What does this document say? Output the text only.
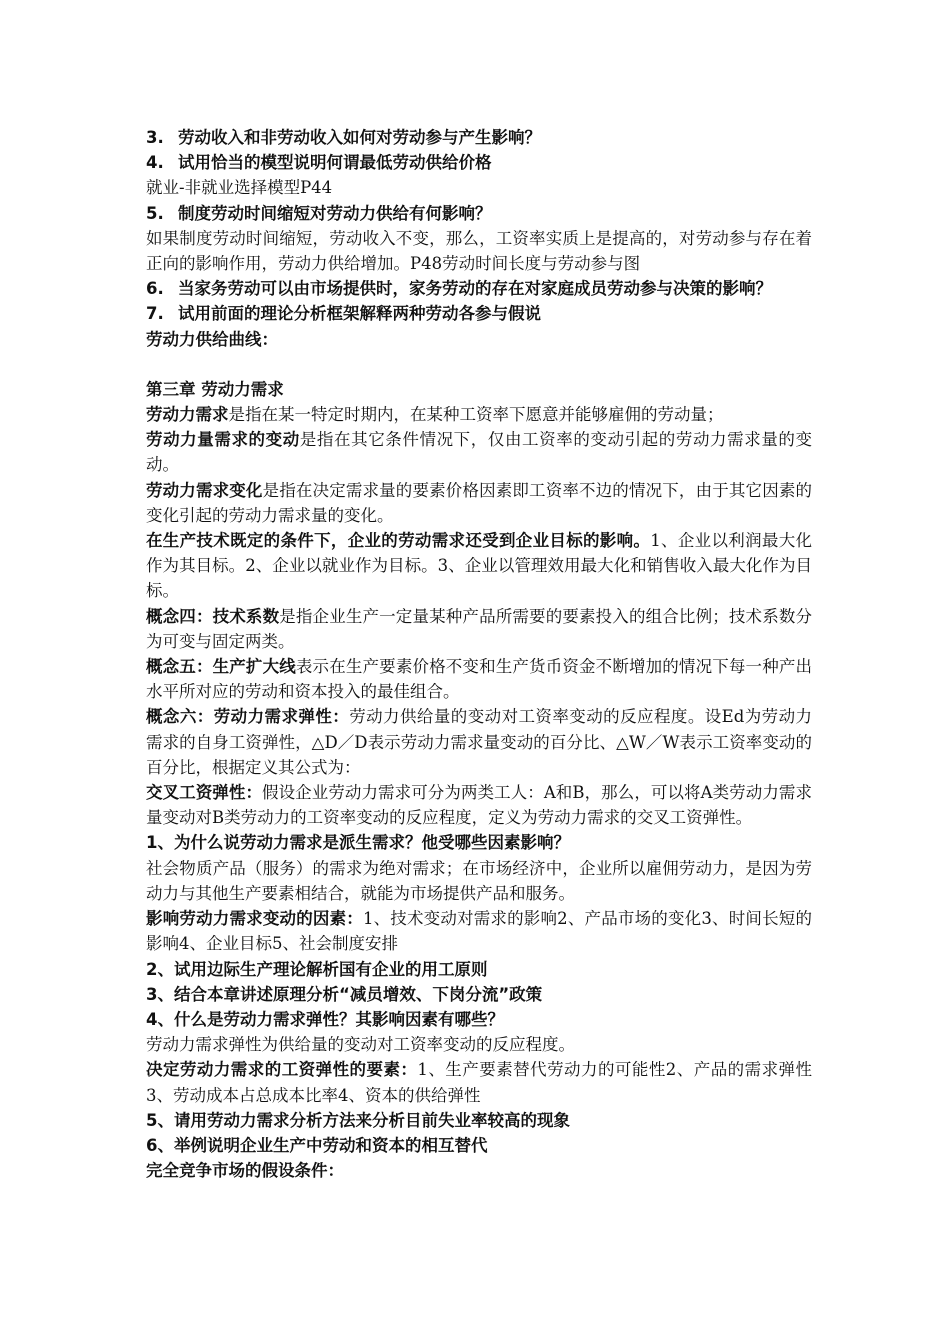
3. 劳动收入和非劳动收入如何对劳动参与产生影响？
4. 试用恰当的模型说明何谓最低劳动供给价格
就业-非就业选择模型P44
5. 制度劳动时间缩短对劳动力供给有何影响？
如果制度劳动时间缩短，劳动收入不变，那么，工资率实质上是提高的，对劳动参与存在着正向的影响作用，劳动力供给增加。P48劳动时间长度与劳动参与图
6. 当家务劳动可以由市场提供时，家务劳动的存在对家庭成员劳动参与决策的影响？
7. 试用前面的理论分析框架解释两种劳动各参与假说
劳动力供给曲线：
第三章 劳动力需求
劳动力需求是指在某一特定时期内，在某种工资率下愿意并能够雇佣的劳动量；
劳动力量需求的变动是指在其它条件情况下，仅由工资率的变动引起的劳动力需求量的变动。
劳动力需求变化是指在决定需求量的要素价格因素即工资率不边的情况下，由于其它因素的变化引起的劳动力需求量的变化。
在生产技术既定的条件下，企业的劳动需求还受到企业目标的影响。1、企业以利润最大化作为其目标。2、企业以就业作为目标。3、企业以管理效用最大化和销售收入最大化作为目标。
概念四：技术系数是指企业生产一定量某种产品所需要的要素投入的组合比例；技术系数分为可变与固定两类。
概念五：生产扩大线表示在生产要素价格不变和生产货币资金不断增加的情况下每一种产出水平所对应的劳动和资本投入的最佳组合。
概念六：劳动力需求弹性：劳动力供给量的变动对工资率变动的反应程度。设Ed为劳动力需求的自身工资弹性，△D／D表示劳动力需求量变动的百分比、△W／W表示工资率变动的百分比，根据定义其公式为：
交叉工资弹性：假设企业劳动力需求可分为两类工人：A和B，那么，可以将A类劳动力需求量变动对B类劳动力的工资率变动的反应程度，定义为劳动力需求的交叉工资弹性。
1、为什么说劳动力需求是派生需求？他受哪些因素影响？
社会物质产品（服务）的需求为绝对需求；在市场经济中，企业所以雇佣劳动力，是因为劳动力与其他生产要素相结合，就能为市场提供产品和服务。
影响劳动力需求变动的因素：1、技术变动对需求的影响2、产品市场的变化3、时间长短的影响4、企业目标5、社会制度安排
2、试用边际生产理论解析国有企业的用工原则
3、结合本章讲述原理分析“减员增效、下岗分流”政策
4、什么是劳动力需求弹性？其影响因素有哪些？
劳动力需求弹性为供给量的变动对工资率变动的反应程度。
决定劳动力需求的工资弹性的要素：1、生产要素替代劳动力的可能性2、产品的需求弹性3、劳动成本占总成本比率4、资本的供给弹性
5、请用劳动力需求分析方法来分析目前失业率较高的现象
6、举例说明企业生产中劳动和资本的相互替代
完全竞争市场的假设条件：
